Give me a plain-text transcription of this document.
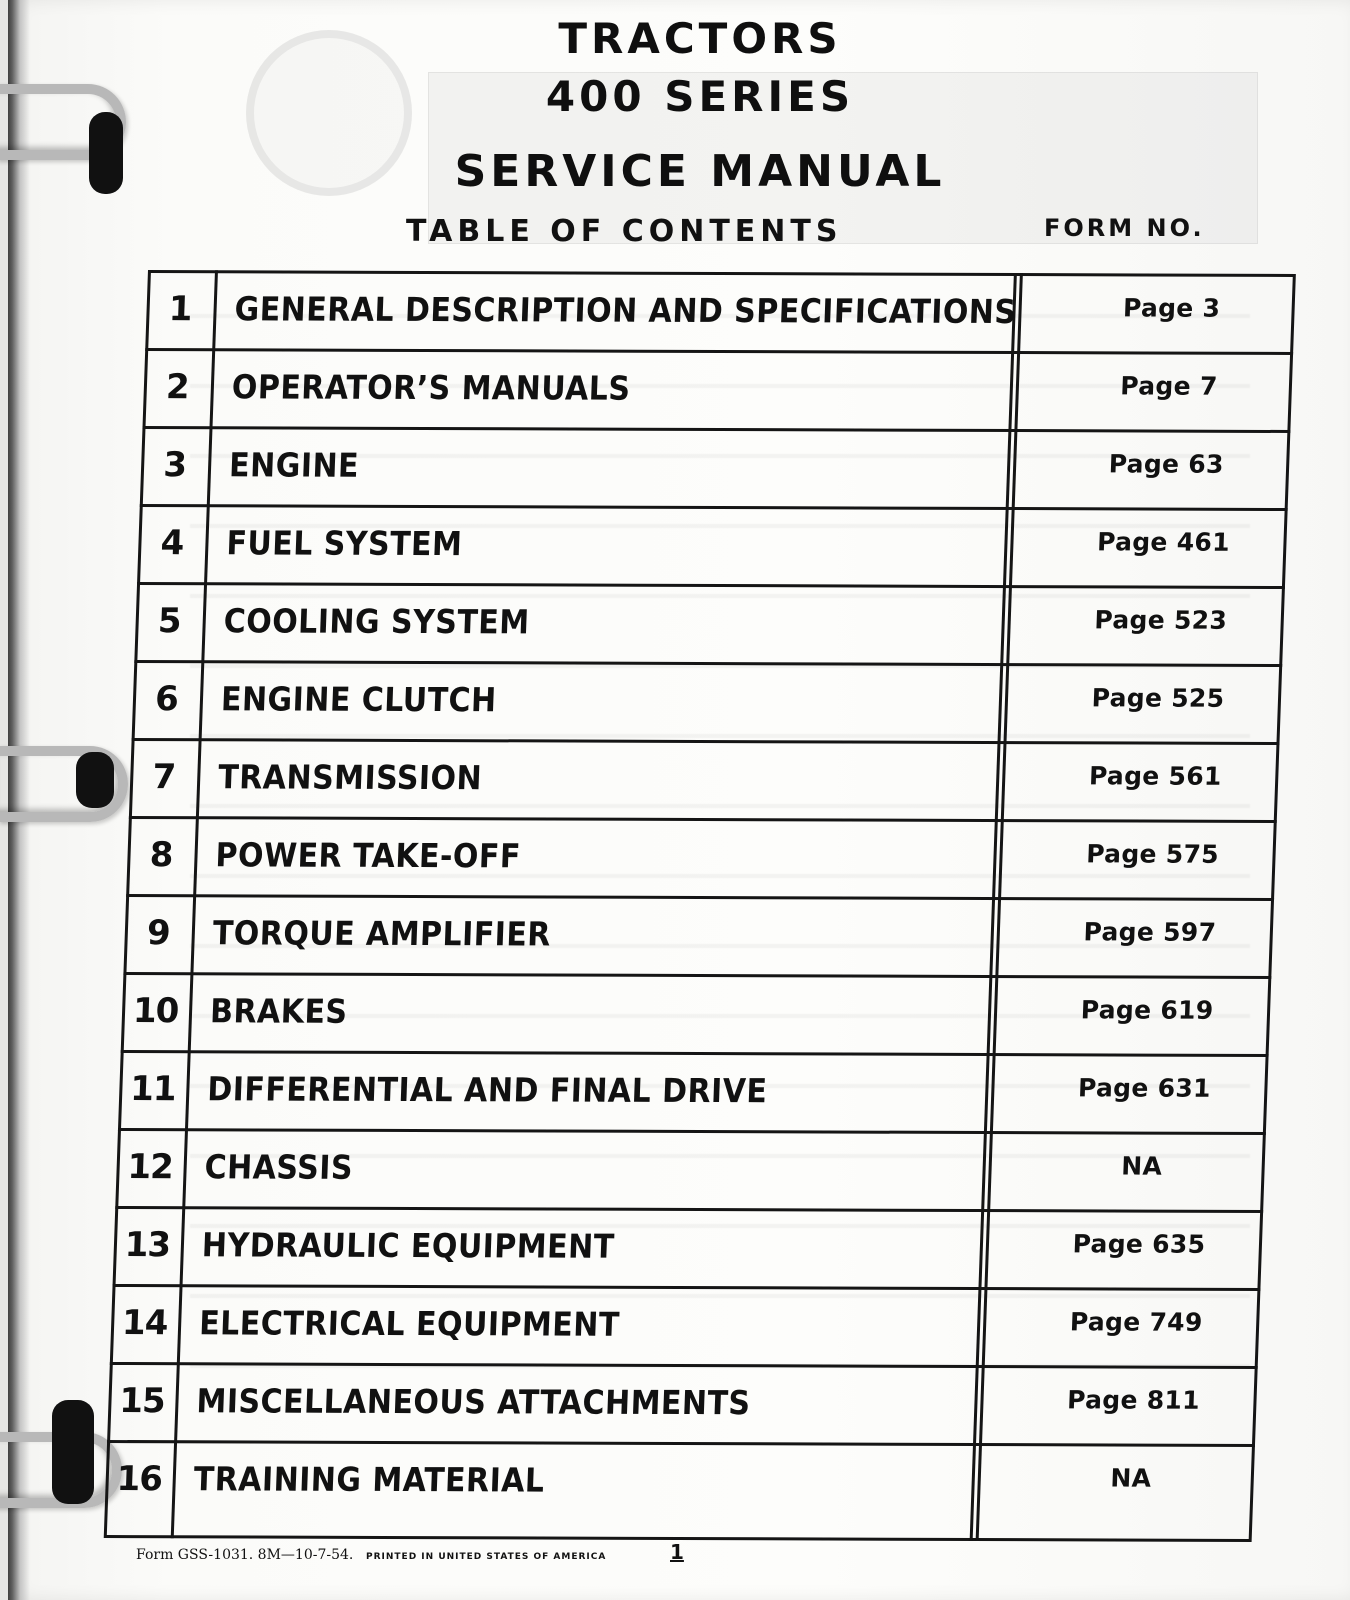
TRACTORS
400 SERIES
SERVICE MANUAL
TABLE OF CONTENTS	FORM NO.
1	GENERAL DESCRIPTION AND SPECIFICATIONS	Page 3
2	OPERATOR’S MANUALS	Page 7
3	ENGINE	Page 63
4	FUEL SYSTEM	Page 461
5	COOLING SYSTEM	Page 523
6	ENGINE CLUTCH	Page 525
7	TRANSMISSION	Page 561
8	POWER TAKE-OFF	Page 575
9	TORQUE AMPLIFIER	Page 597
10 BRAKES	Page 619
11 DIFFERENTIAL AND FINAL DRIVE	Page 631
12 CHASSIS	NA
13 HYDRAULIC EQUIPMENT	Page 635
14 ELECTRICAL EQUIPMENT	Page 749
15 MISCELLANEOUS ATTACHMENTS	Page 811
16 TRAINING MATERIAL	NA
Form GSS-1031. 8M—10-7-54. PRINTED IN UNITED STATES OF AMERICA	1
